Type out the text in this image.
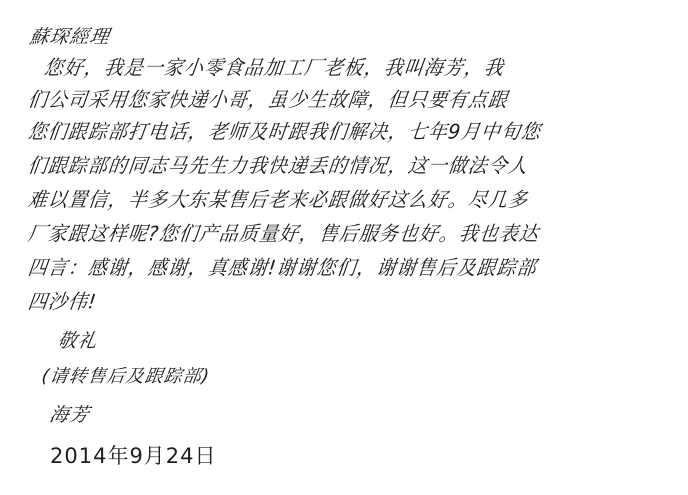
蘇琛經理
您好，我是一家小零食品加工厂老板，我叫海芳，我
们公司采用您家快递小哥，虽少生故障，但只要有点跟
您们跟踪部打电话，老师及时跟我们解决，七年9月中旬您
们跟踪部的同志马先生力我快递丢的情况，这一做法令人
难以置信，半多大东某售后老来必跟做好这么好。尽几多
厂家跟这样呢?您们产品质量好，售后服务也好。我也表达
四言：感谢，感谢，真感谢!谢谢您们，谢谢售后及跟踪部
四沙伟!
敬礼
(请转售后及跟踪部)
海芳
2014年9月24日
